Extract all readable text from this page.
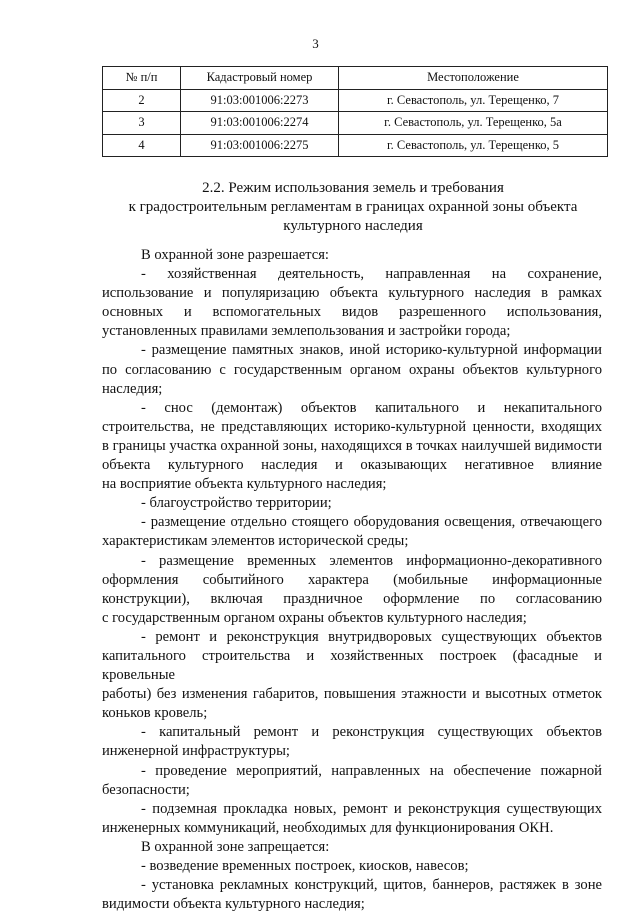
3
№ п/п	Кадастровый номер	Местоположение
2	91:03:001006:2273	г. Севастополь, ул. Терещенко, 7
3	91:03:001006:2274	г. Севастополь, ул. Терещенко, 5а
4	91:03:001006:2275	г. Севастополь, ул. Терещенко, 5
2.2. Режим использования земель и требования
к градостроительным регламентам в границах охранной зоны объекта
культурного наследия

В охранной зоне разрешается:

- хозяйственная деятельность, направленная на сохранение,

использование и популяризацию объекта культурного наследия в рамках

основных и вспомогательных видов разрешенного использования,

установленных правилами землепользования и застройки города;

- размещение памятных знаков, иной историко-культурной информации

по согласованию с государственным органом охраны объектов культурного

наследия;

- снос (демонтаж) объектов капитального и некапитального

строительства, не представляющих историко-культурной ценности, входящих

в границы участка охранной зоны, находящихся в точках наилучшей видимости

объекта культурного наследия и оказывающих негативное влияние

на восприятие объекта культурного наследия;

- благоустройство территории;

- размещение отдельно стоящего оборудования освещения, отвечающего

характеристикам элементов исторической среды;

- размещение временных элементов информационно-декоративного

оформления событийного характера (мобильные информационные

конструкции), включая праздничное оформление по согласованию

с государственным органом охраны объектов культурного наследия;

- ремонт и реконструкция внутридворовых существующих объектов

капитального строительства и хозяйственных построек (фасадные и кровельные

работы) без изменения габаритов, повышения этажности и высотных отметок

коньков кровель;

- капитальный ремонт и реконструкция существующих объектов

инженерной инфраструктуры;

- проведение мероприятий, направленных на обеспечение пожарной

безопасности;

- подземная прокладка новых, ремонт и реконструкция существующих

инженерных коммуникаций, необходимых для функционирования ОКН.

В охранной зоне запрещается:

- возведение временных построек, киосков, навесов;

- установка рекламных конструкций, щитов, баннеров, растяжек в зоне

видимости объекта культурного наследия;
